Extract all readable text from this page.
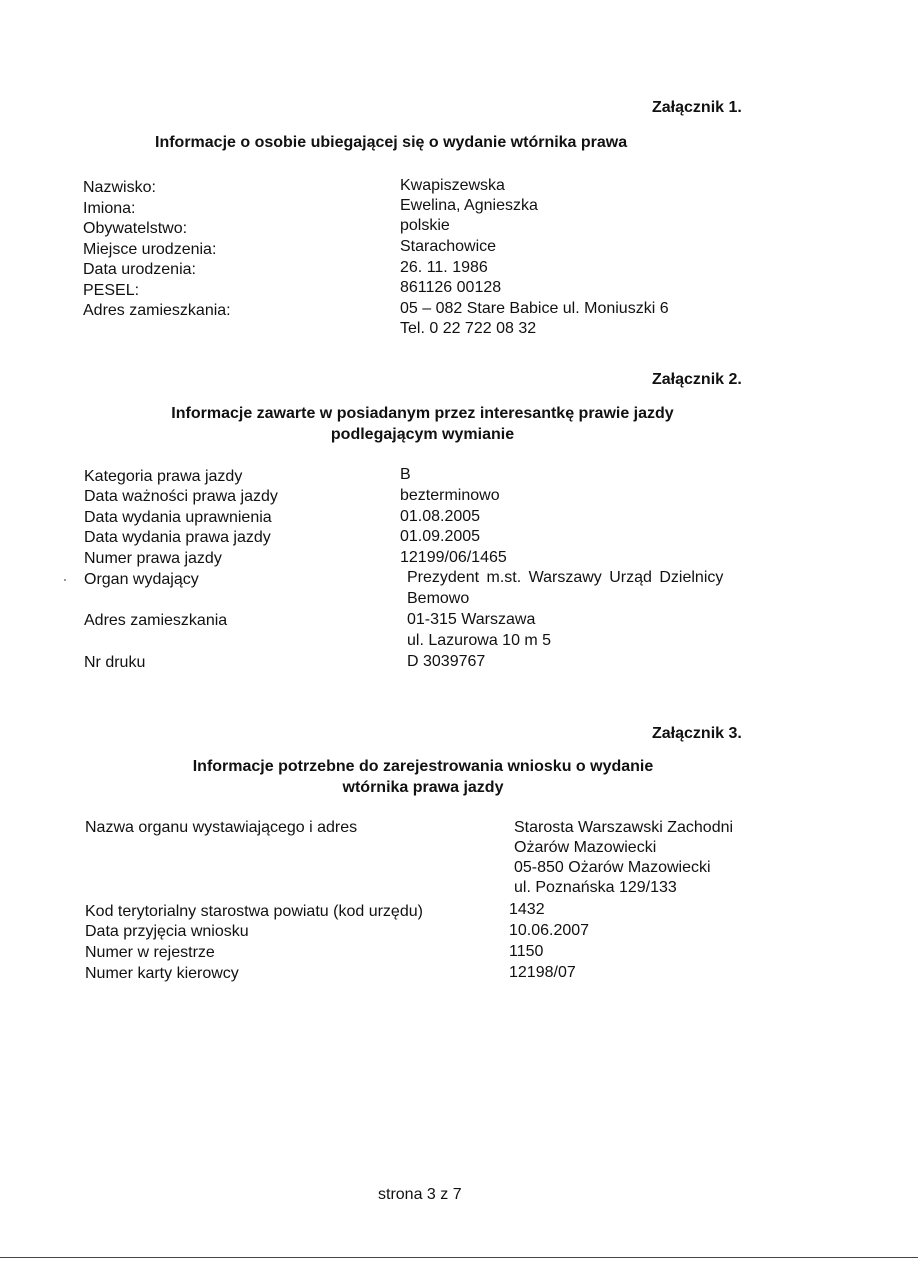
Załącznik 1.
Informacje o osobie ubiegającej się o wydanie wtórnika prawa
Nazwisko:	Kwapiszewska
Imiona:	Ewelina, Agnieszka
Obywatelstwo:	polskie
Miejsce urodzenia:	Starachowice
Data urodzenia:	26. 11. 1986
PESEL:	861126 00128
Adres zamieszkania:	05 – 082 Stare Babice ul. Moniuszki 6
Tel. 0 22 722 08 32
Załącznik 2.
Informacje zawarte w posiadanym przez interesantkę prawie jazdy
podlegającym wymianie
Kategoria prawa jazdy	B
Data ważności prawa jazdy	bezterminowo
Data wydania uprawnienia	01.08.2005
Data wydania prawa jazdy	01.09.2005
Numer prawa jazdy	12199/06/1465
Organ wydający	Prezydent m.st. Warszawy Urząd Dzielnicy
Bemowo
Adres zamieszkania	01-315 Warszawa
ul. Lazurowa 10 m 5
Nr druku	D 3039767
Załącznik 3.
Informacje potrzebne do zarejestrowania wniosku o wydanie
wtórnika prawa jazdy
Nazwa organu wystawiającego i adres	Starosta Warszawski Zachodni
Ożarów Mazowiecki
05-850 Ożarów Mazowiecki
ul. Poznańska 129/133
Kod terytorialny starostwa powiatu (kod urzędu)	1432
Data przyjęcia wniosku	10.06.2007
Numer w rejestrze	1150
Numer karty kierowcy	12198/07
strona 3 z 7
